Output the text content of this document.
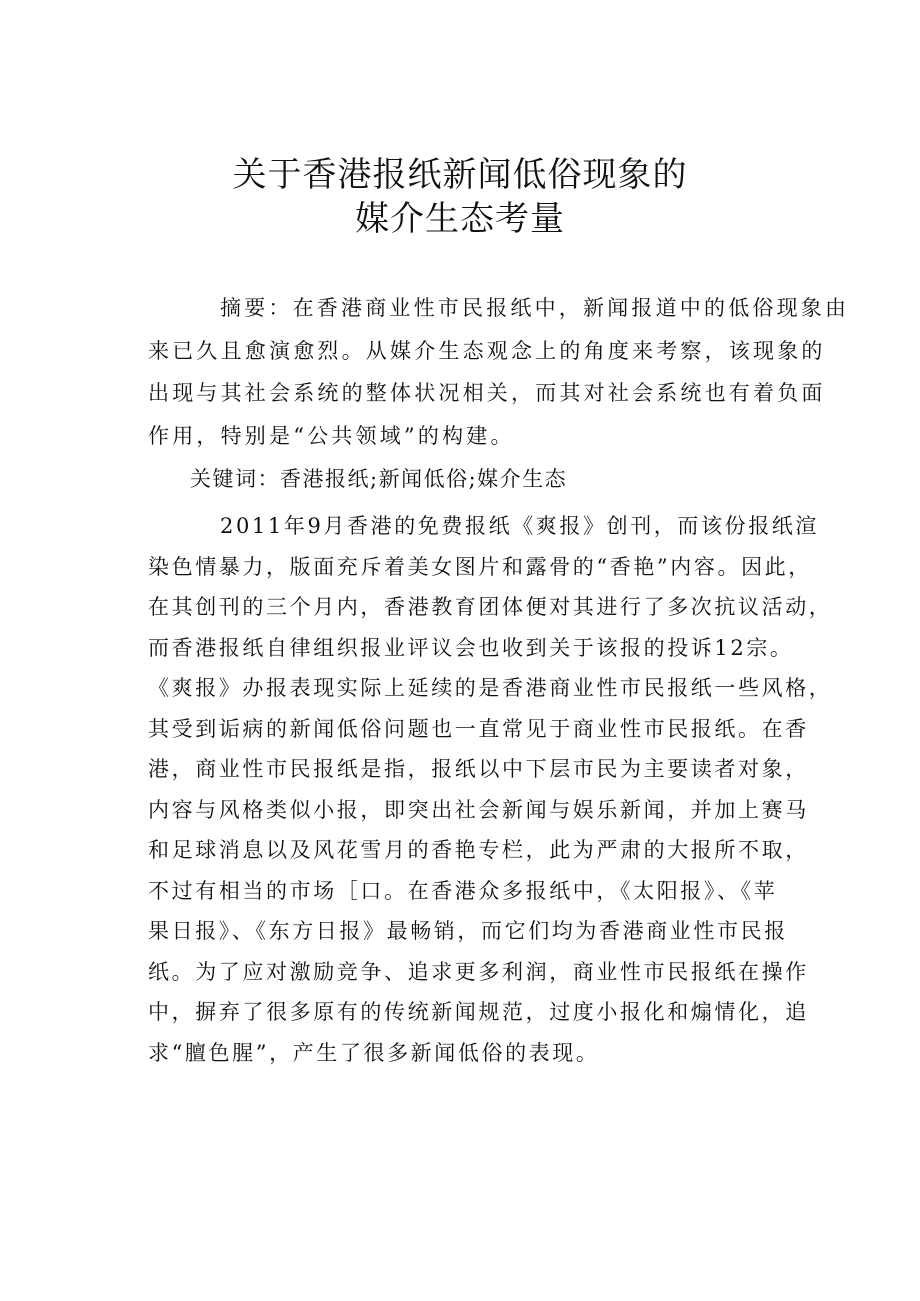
关于香港报纸新闻低俗现象的
媒介生态考量
摘要：在香港商业性市民报纸中，新闻报道中的低俗现象由
来已久且愈演愈烈。从媒介生态观念上的角度来考察，该现象的
出现与其社会系统的整体状况相关，而其对社会系统也有着负面
作用，特别是“公共领域”的构建。
关键词：香港报纸;新闻低俗;媒介生态
2011年9月香港的免费报纸《爽报》创刊，而该份报纸渲
染色情暴力，版面充斥着美女图片和露骨的“香艳”内容。因此，
在其创刊的三个月内，香港教育团体便对其进行了多次抗议活动，
而香港报纸自律组织报业评议会也收到关于该报的投诉12宗。
《爽报》办报表现实际上延续的是香港商业性市民报纸一些风格，
其受到诟病的新闻低俗问题也一直常见于商业性市民报纸。在香
港，商业性市民报纸是指，报纸以中下层市民为主要读者对象，
内容与风格类似小报，即突出社会新闻与娱乐新闻，并加上赛马
和足球消息以及风花雪月的香艳专栏，此为严肃的大报所不取，
不过有相当的市场［口。在香港众多报纸中，《太阳报》、《苹
果日报》、《东方日报》最畅销，而它们均为香港商业性市民报
纸。为了应对激励竞争、追求更多利润，商业性市民报纸在操作
中，摒弃了很多原有的传统新闻规范，过度小报化和煽情化，追
求“膻色腥”，产生了很多新闻低俗的表现。
